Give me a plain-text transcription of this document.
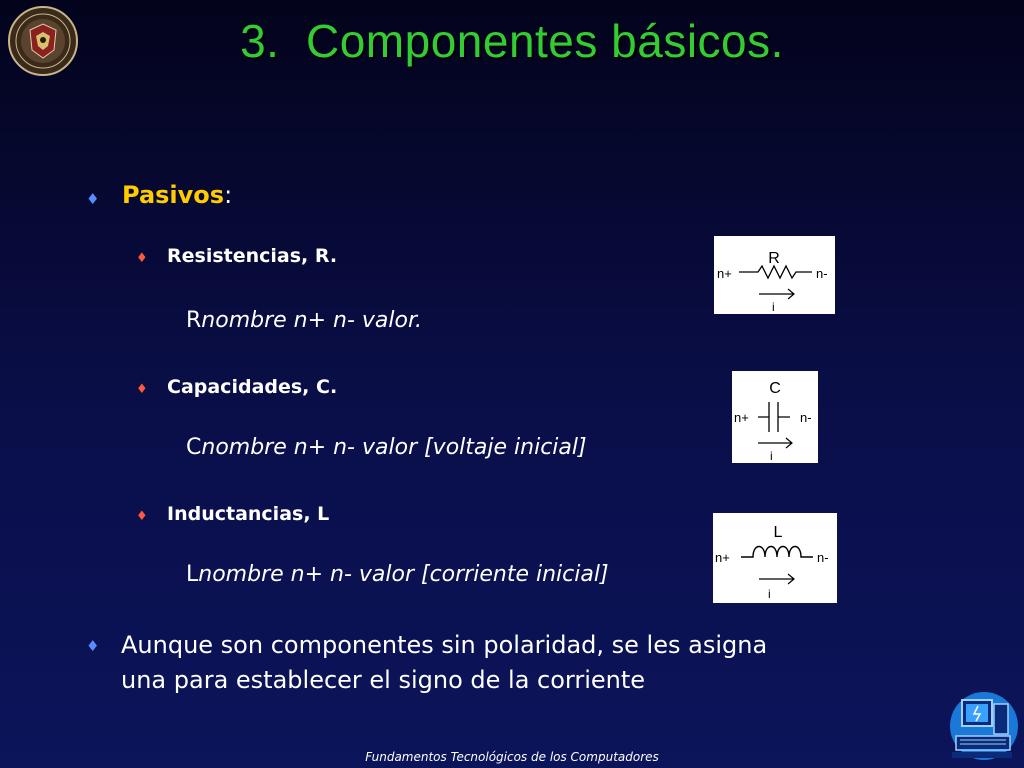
3.  Componentes básicos.
♦ Pasivos:
♦ Resistencias, R.
Rnombre n+ n- valor.
♦ Capacidades, C.
Cnombre n+ n- valor [voltaje inicial]
♦ Inductancias, L
Lnombre n+ n- valor [corriente inicial]
♦ Aunque son componentes sin polaridad, se les asigna
una para establecer el signo de la corriente
R
n+	n-
i
C
n+	n-
i
L
n+	n-
i
Fundamentos Tecnológicos de los Computadores
